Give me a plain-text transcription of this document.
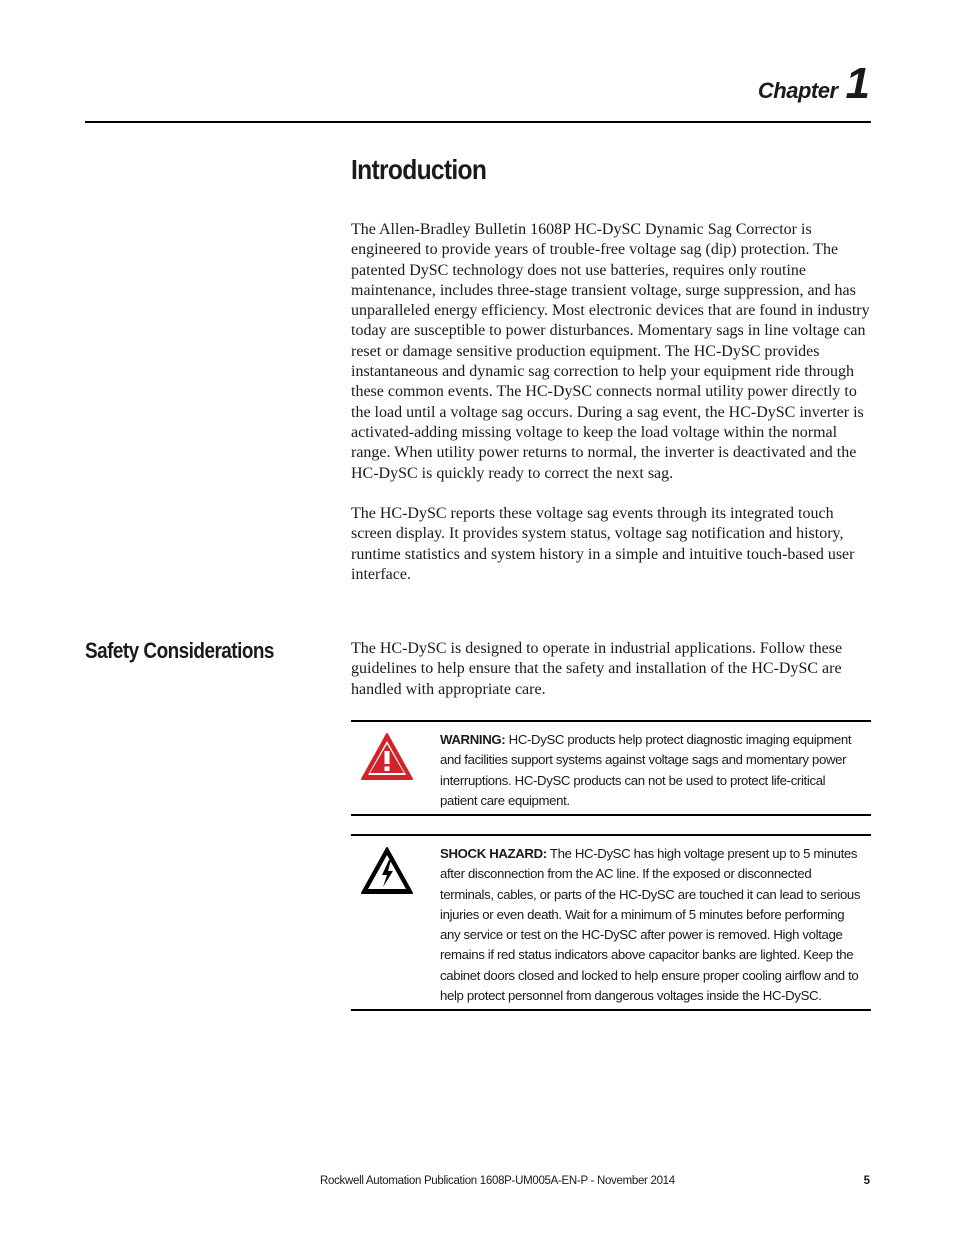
Chapter 1
Introduction

The Allen-Bradley Bulletin 1608P HC-DySC Dynamic Sag Corrector is engineered to provide years of trouble-free voltage sag (dip) protection. The patented DySC technology does not use batteries, requires only routine maintenance, includes three-stage transient voltage, surge suppression, and has unparalleled energy efficiency. Most electronic devices that are found in industry today are susceptible to power disturbances. Momentary sags in line voltage can reset or damage sensitive production equipment. The HC-DySC provides instantaneous and dynamic sag correction to help your equipment ride through these common events. The HC-DySC connects normal utility power directly to the load until a voltage sag occurs. During a sag event, the HC-DySC inverter is activated-adding missing voltage to keep the load voltage within the normal range. When utility power returns to normal, the inverter is deactivated and the HC-DySC is quickly ready to correct the next sag.

The HC-DySC reports these voltage sag events through its integrated touch screen display. It provides system status, voltage sag notification and history, runtime statistics and system history in a simple and intuitive touch-based user interface.

Safety Considerations	The HC-DySC is designed to operate in industrial applications. Follow these guidelines to help ensure that the safety and installation of the HC-DySC are handled with appropriate care.

WARNING: HC-DySC products help protect diagnostic imaging equipment and facilities support systems against voltage sags and momentary power interruptions. HC-DySC products can not be used to protect life-critical patient care equipment.
SHOCK HAZARD: The HC-DySC has high voltage present up to 5 minutes after disconnection from the AC line. If the exposed or disconnected terminals, cables, or parts of the HC-DySC are touched it can lead to serious injuries or even death. Wait for a minimum of 5 minutes before performing any service or test on the HC-DySC after power is removed. High voltage remains if red status indicators above capacitor banks are lighted. Keep the cabinet doors closed and locked to help ensure proper cooling airflow and to help protect personnel from dangerous voltages inside the HC-DySC.
Rockwell Automation Publication 1608P-UM005A-EN-P - November 2014	5
